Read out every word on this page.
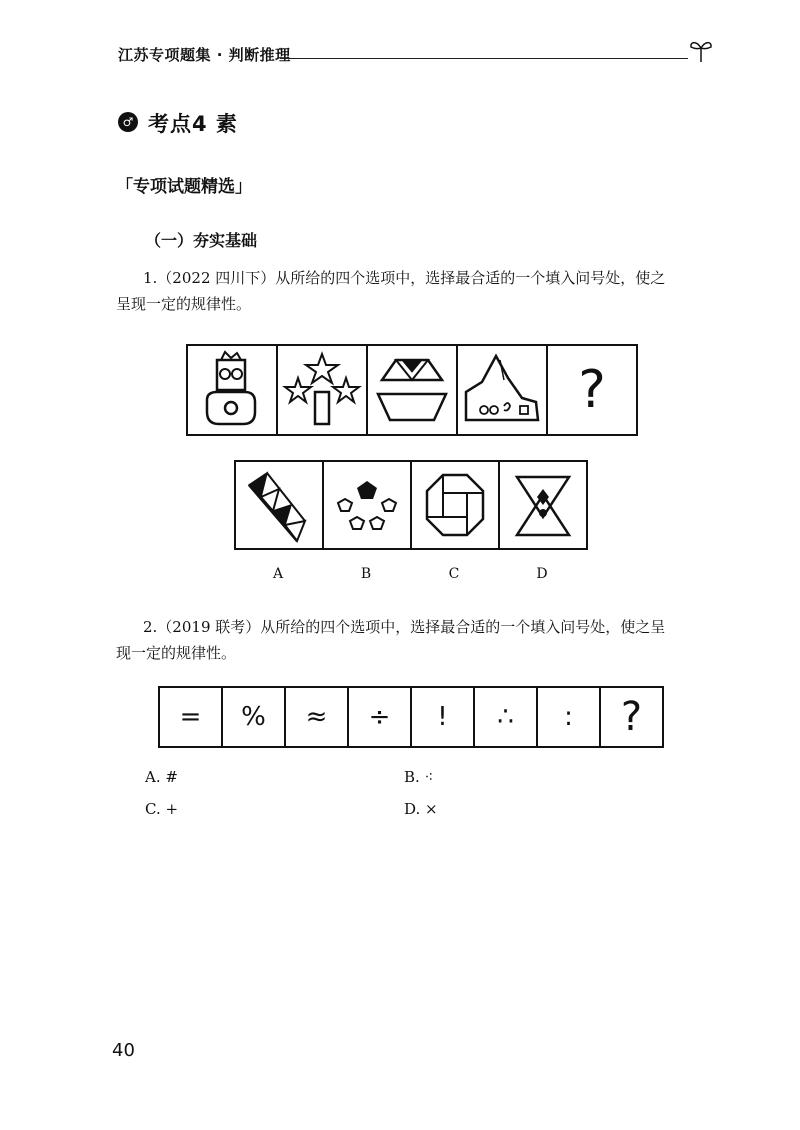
江苏专项题集 · 判断推理
♂ 考点4 素
「专项试题精选」
（一）夯实基础
1.（2022 四川下）从所给的四个选项中，选择最合适的一个填入问号处，使之
呈现一定的规律性。
?
A	B	C	D
2.（2019 联考）从所给的四个选项中，选择最合适的一个填入问号处，使之呈
现一定的规律性。
=	%	≈	÷	!	∴	:	?
A. #	B. ⁖
C. +	D. ×
40
